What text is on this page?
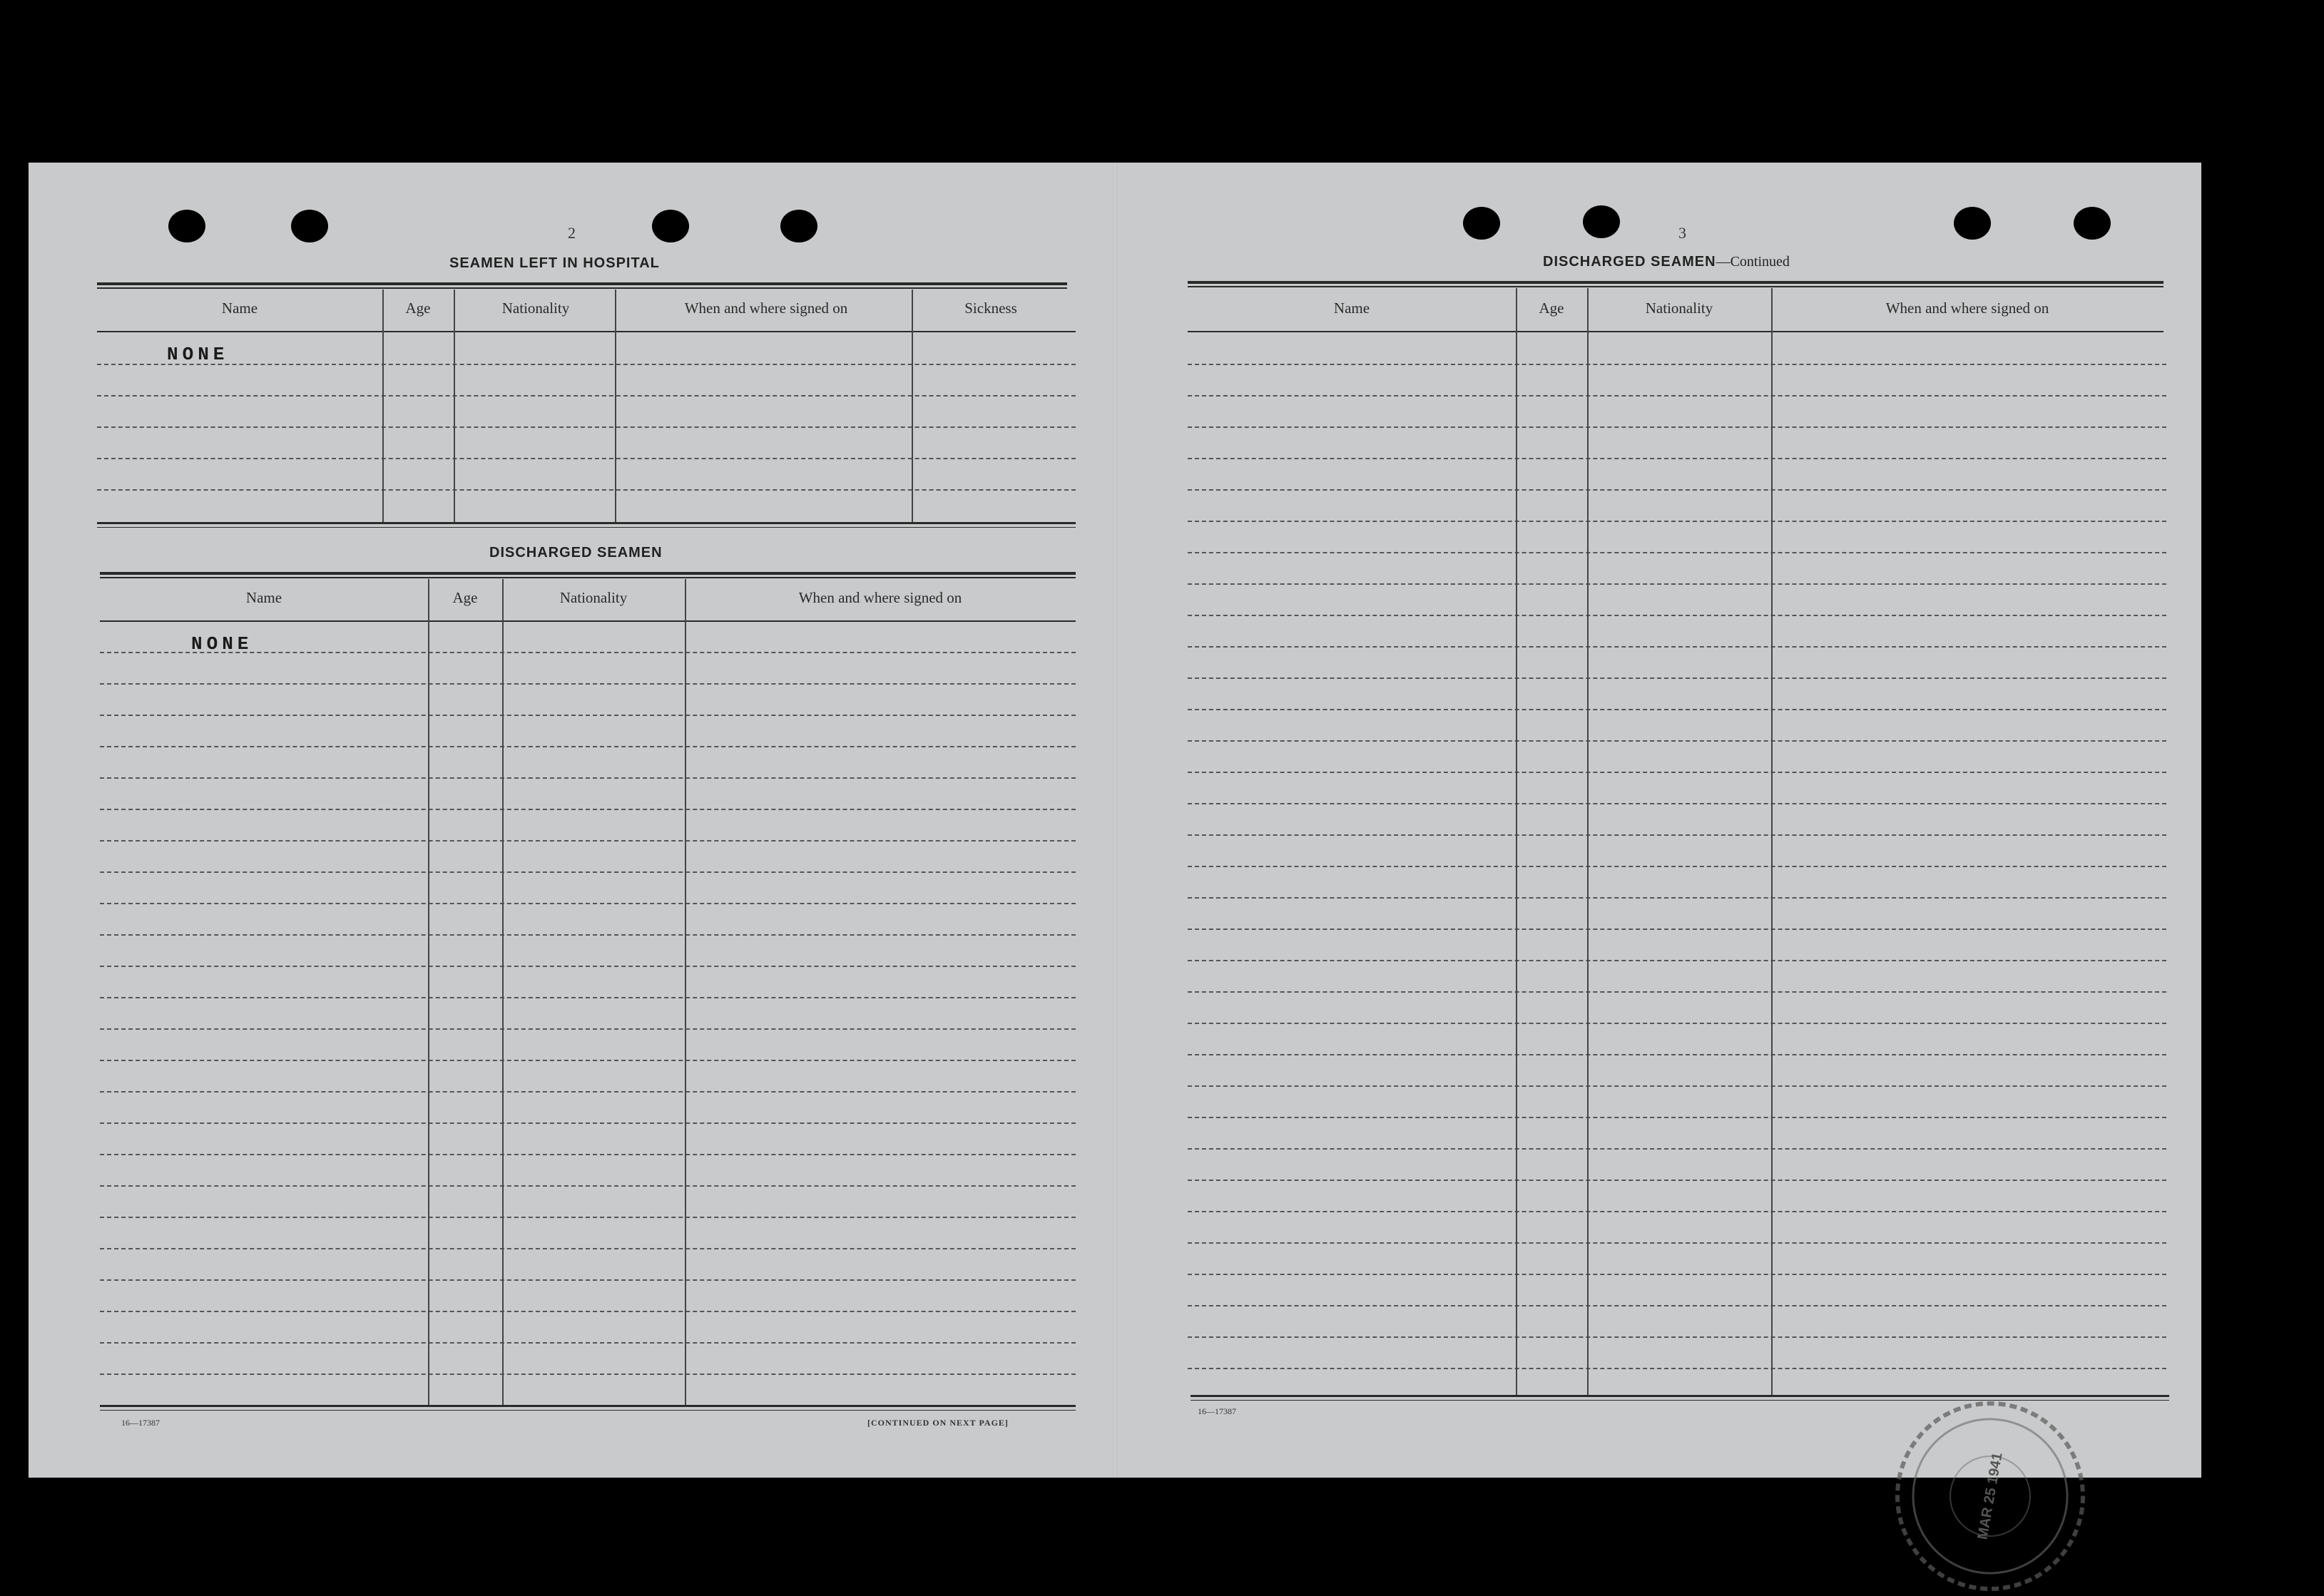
2
SEAMEN LEFT IN HOSPITAL
Name	Age	Nationality	When and where signed on	Sickness
NONE
DISCHARGED SEAMEN
Name	Age	Nationality	When and where signed on
NONE
16—17387	[CONTINUED ON NEXT PAGE]
3
DISCHARGED SEAMEN—Continued
Name	Age	Nationality	When and where signed on
16—17387
MAR 25 1941
